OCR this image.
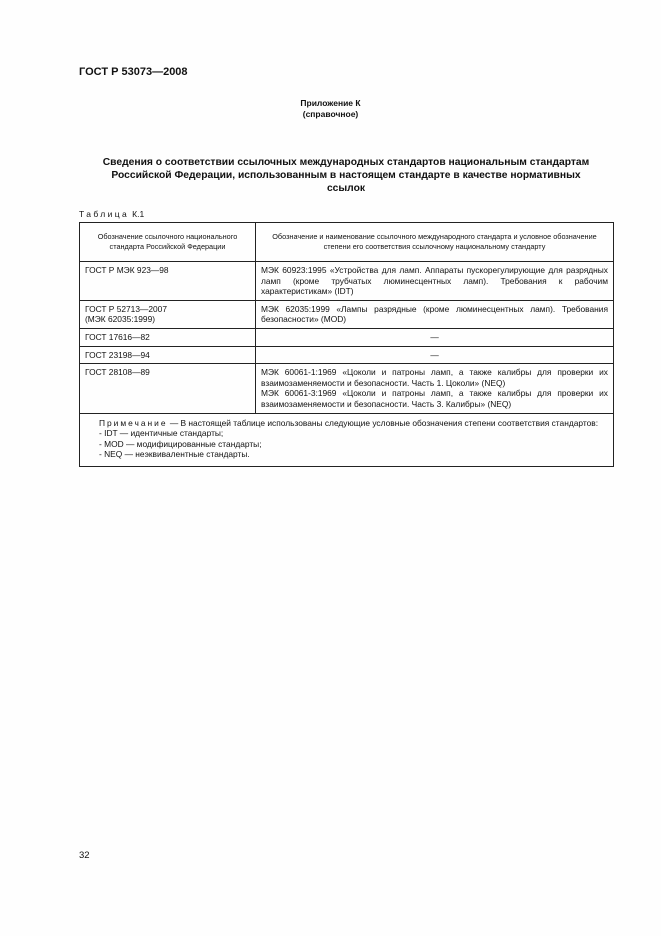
ГОСТ Р 53073—2008
Приложение К
(справочное)
Сведения о соответствии ссылочных международных стандартов национальным стандартам
Российской Федерации, использованным в настоящем стандарте в качестве нормативных
ссылок
Таблица К.1
Обозначение ссылочного национального стандарта Российской Федерации	Обозначение и наименование ссылочного международного стандарта и условное обозначение степени его соответствия ссылочному национальному стандарту
ГОСТ Р МЭК 923—98	МЭК 60923:1995 «Устройства для ламп. Аппараты пускорегулирующие для разрядных ламп (кроме трубчатых люминесцентных ламп). Требования к рабочим характеристикам» (IDT)

ГОСТ Р 52713—2007
(МЭК 62035:1999)	МЭК 62035:1999 «Лампы разрядные (кроме люминесцентных ламп). Требования безопасности» (MOD)
ГОСТ 17616—82	—
ГОСТ 23198—94	—
ГОСТ 28108—89	МЭК 60061-1:1969 «Цоколи и патроны ламп, а также калибры для проверки их взаимозаменяемости и безопасности. Часть 1. Цоколи» (NEQ)
МЭК 60061-3:1969 «Цоколи и патроны ламп, а также калибры для проверки их взаимозаменяемости и безопасности. Часть 3. Калибры» (NEQ)

Примечание — В настоящей таблице использованы следующие условные обозначения степени соответствия стандартов:
- IDT — идентичные стандарты;
- MOD — модифицированные стандарты;
- NEQ — неэквивалентные стандарты.	
32
